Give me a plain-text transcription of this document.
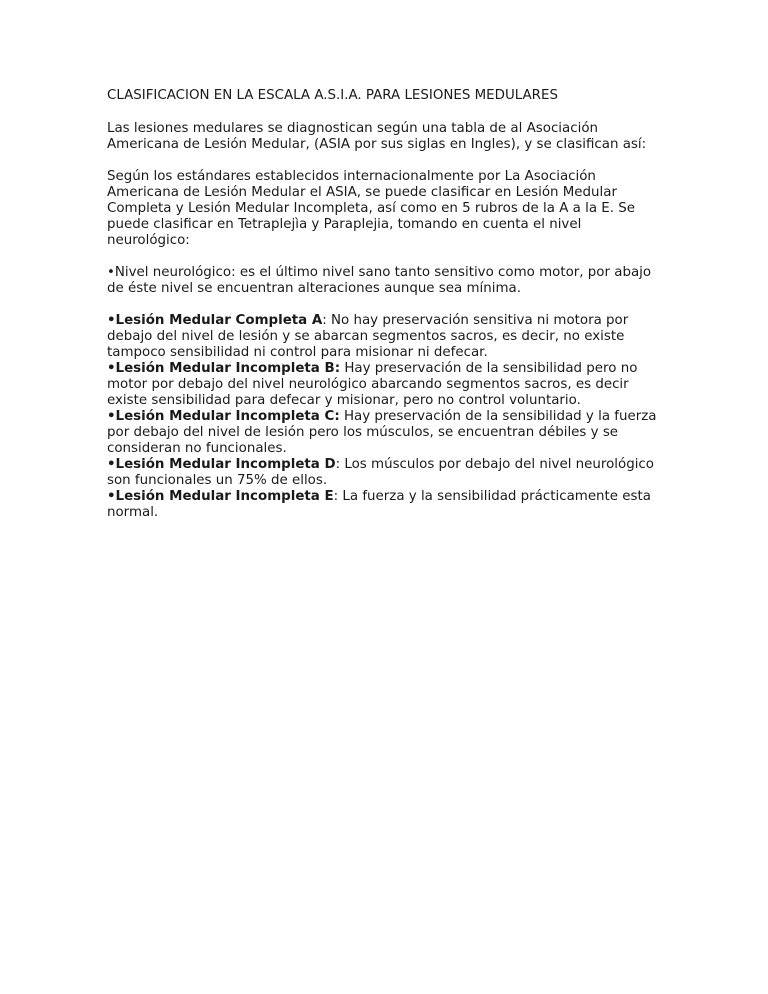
CLASIFICACION EN LA ESCALA A.S.I.A. PARA LESIONES MEDULARES

Las lesiones medulares se diagnostican según una tabla de al Asociación Americana de Lesión Medular, (ASIA por sus siglas en Ingles), y se clasifican así:

Según los estándares establecidos internacionalmente por La Asociación Americana de Lesión Medular el ASIA, se puede clasificar en Lesión Medular Completa y Lesión Medular Incompleta, así como en 5 rubros de la A a la E. Se puede clasificar en Tetraplejìa y Paraplejia, tomando en cuenta el nivel neurológico:

•Nivel neurológico: es el último nivel sano tanto sensitivo como motor, por abajo de éste nivel se encuentran alteraciones aunque sea mínima.

•Lesión Medular Completa A: No hay preservación sensitiva ni motora por debajo del nivel de lesión y se abarcan segmentos sacros, es decir, no existe tampoco sensibilidad ni control para misionar ni defecar.

•Lesión Medular Incompleta B: Hay preservación de la sensibilidad pero no motor por debajo del nivel neurológico abarcando segmentos sacros, es decir existe sensibilidad para defecar y misionar, pero no control voluntario.

•Lesión Medular Incompleta C: Hay preservación de la sensibilidad y la fuerza por debajo del nivel de lesión pero los músculos, se encuentran débiles y se consideran no funcionales.

•Lesión Medular Incompleta D: Los músculos por debajo del nivel neurológico son funcionales un 75% de ellos.

•Lesión Medular Incompleta E: La fuerza y la sensibilidad prácticamente esta normal.
